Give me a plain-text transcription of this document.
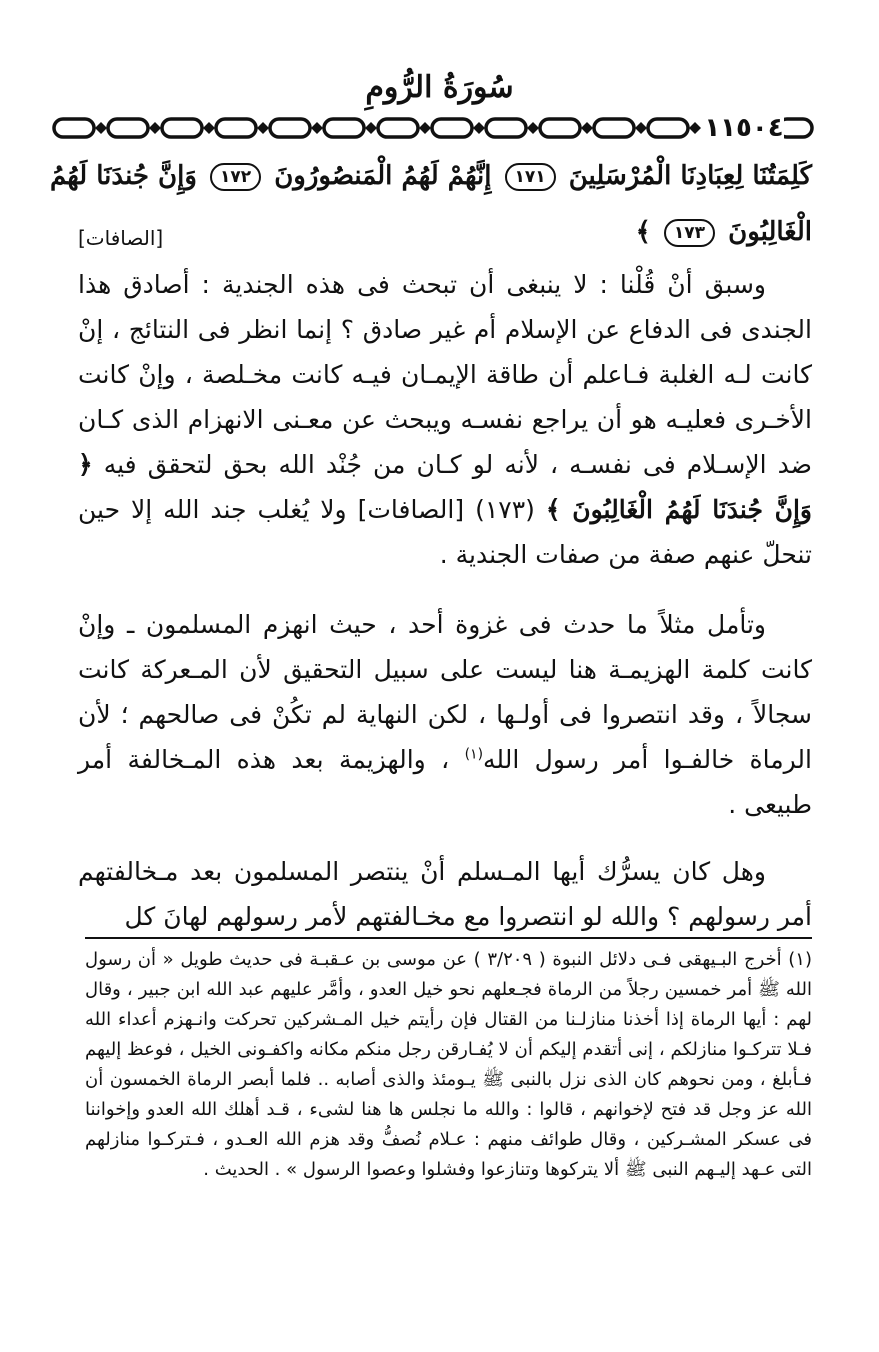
سُورَةُ الرُّومِ
١١٥٠٤
كَلِمَتُنَا لِعِبَادِنَا الْمُرْسَلِينَ ١٧١ إِنَّهُمْ لَهُمُ الْمَنصُورُونَ ١٧٢ وَإِنَّ جُندَنَا لَهُمُ
الْغَالِبُونَ ١٧٣ ﴾
[الصافات]

وسبق أنْ قُلْنا : لا ينبغى أن تبحث فى هذه الجندية : أصادق هذا الجندى فى الدفاع عن الإسلام أم غير صادق ؟ إنما انظر فى النتائج ، إنْ كانت لـه الغلبة فـاعلم أن طاقة الإيمـان فيـه كانت مخـلصة ، وإنْ كانت الأخـرى فعليـه هو أن يراجع نفسـه ويبحث عن معـنى الانهزام الذى كـان ضد الإسـلام فى نفسـه ، لأنه لو كـان من جُنْد الله بحق لتحقق فيه ﴿ وَإِنَّ جُندَنَا لَهُمُ الْغَالِبُونَ ﴾ (١٧٣) [الصافات] ولا يُغلب جند الله إلا حين تنحلّ عنهم صفة من صفات الجندية .

وتأمل مثلاً ما حدث فى غزوة أحد ، حيث انهزم المسلمون ـ وإنْ كانت كلمة الهزيمـة هنا ليست على سبيل التحقيق لأن المـعركة كانت سجالاً ، وقد انتصروا فى أولـها ، لكن النهاية لم تكُنْ فى صالحهم ؛ لأن الرماة خالفـوا أمر رسول الله$^{(١)}$ ، والهزيمة بعد هذه المـخالفة أمر طبيعى .

وهل كان يسرُّك أيها المـسلم أنْ ينتصر المسلمون بعد مـخالفتهم أمر رسولهم ؟ والله لو انتصروا مع مخـالفتهم لأمر رسولهم لهانَ كل

(١) أخرج البـيهقى فـى دلائل النبوة ( ٣/٢٠٩ ) عن موسى بن عـقبـة فى حديث طويل « أن رسول الله ﷺ أمر خمسين رجلاً من الرماة فجـعلهم نحو خيل العدو ، وأمَّر عليهم عبد الله ابن جبير ، وقال لهم : أيها الرماة إذا أخذنا منازلـنا من القتال فإن رأيتم خيل المـشركين تحركت وانـهزم أعداء الله فـلا تتركـوا منازلكم ، إنى أتقدم إليكم أن لا يُفـارقن رجل منكم مكانه واكفـونى الخيل ، فوعظ إليهم فـأبلغ ، ومن نحوهم كان الذى نزل بالنبى ﷺ يـومئذ والذى أصابه .. فلما أبصر الرماة الخمسون أن الله عز وجل قد فتح لإخوانهم ، قالوا : والله ما نجلس ها هنا لشىء ، قـد أهلك الله العدو وإخواننا فى عسكر المشـركين ، وقال طوائف منهم : عـلام نُصفُّ وقد هزم الله العـدو ، فـتركـوا منازلهم التى عـهد إليـهم النبى ﷺ ألا يتركوها وتنازعوا وفشلوا وعصوا الرسول » . الحديث .
